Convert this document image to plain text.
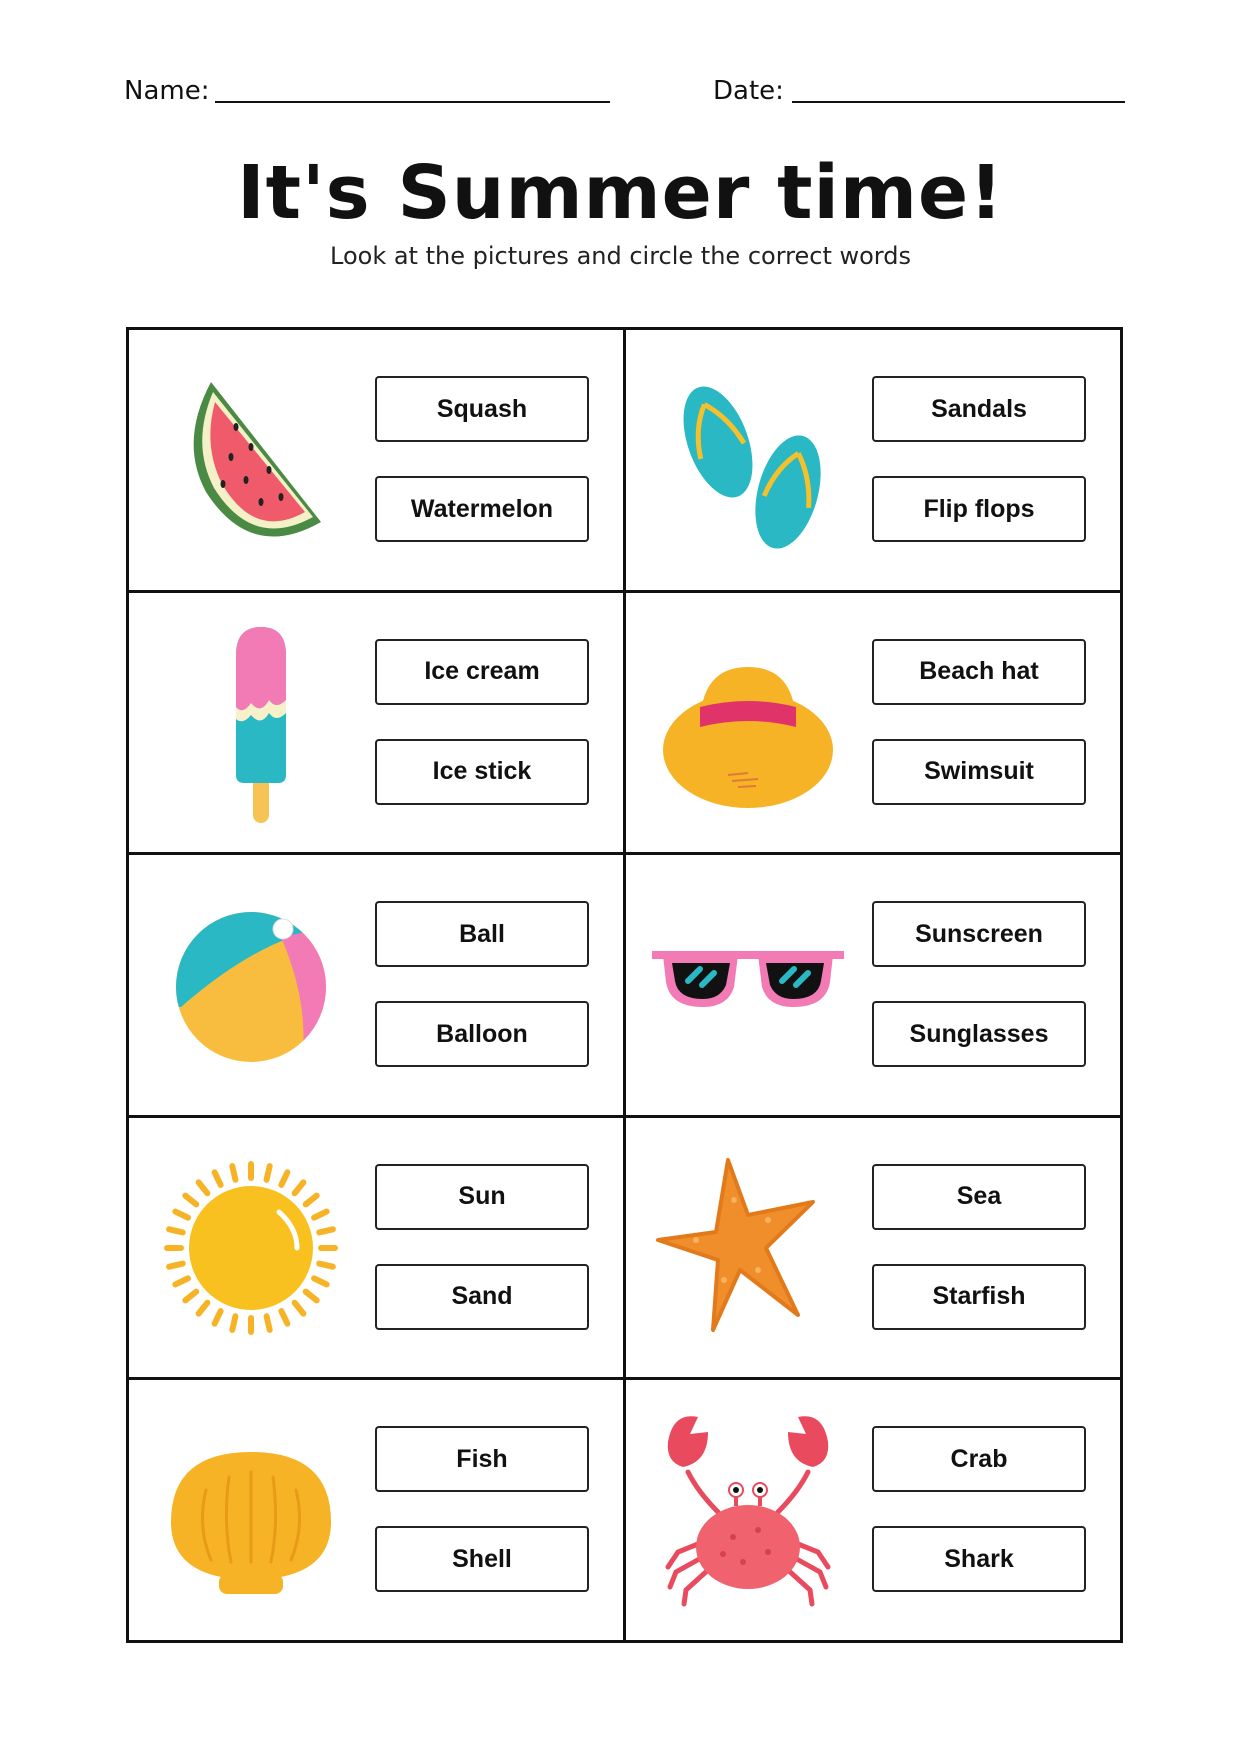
Name:	Date:
It's Summer time!
Look at the pictures and circle the correct words
Squash
Watermelon
Sandals
Flip flops
Ice cream
Ice stick
Beach hat
Swimsuit
Ball
Balloon
Sunscreen
Sunglasses
Sun
Sand
Sea
Starfish
Fish
Shell
Crab
Shark
